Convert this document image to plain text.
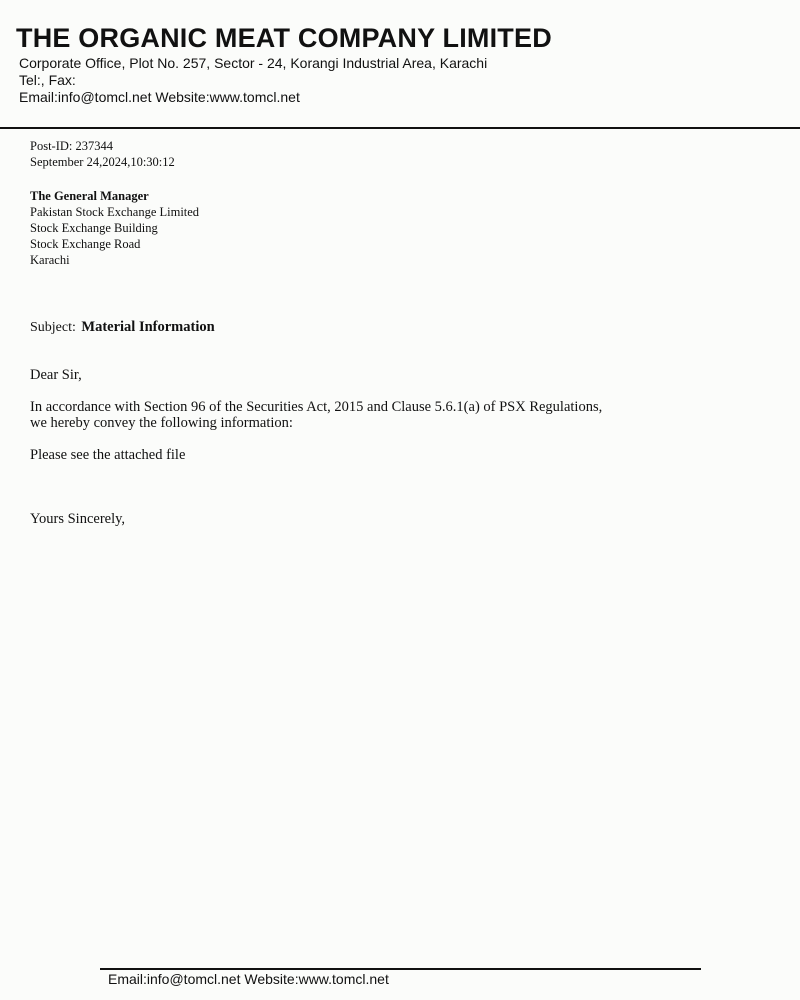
THE ORGANIC MEAT COMPANY LIMITED
Corporate Office, Plot No. 257, Sector - 24, Korangi Industrial Area, Karachi
Tel:, Fax:
Email:info@tomcl.net Website:www.tomcl.net
Post-ID: 237344
September 24,2024,10:30:12
The General Manager
Pakistan Stock Exchange Limited
Stock Exchange Building
Stock Exchange Road
Karachi
Subject: Material Information
Dear Sir,
In accordance with Section 96 of the Securities Act, 2015 and Clause 5.6.1(a) of PSX Regulations,
we hereby convey the following information:
Please see the attached file
Yours Sincerely,
Email:info@tomcl.net Website:www.tomcl.net
